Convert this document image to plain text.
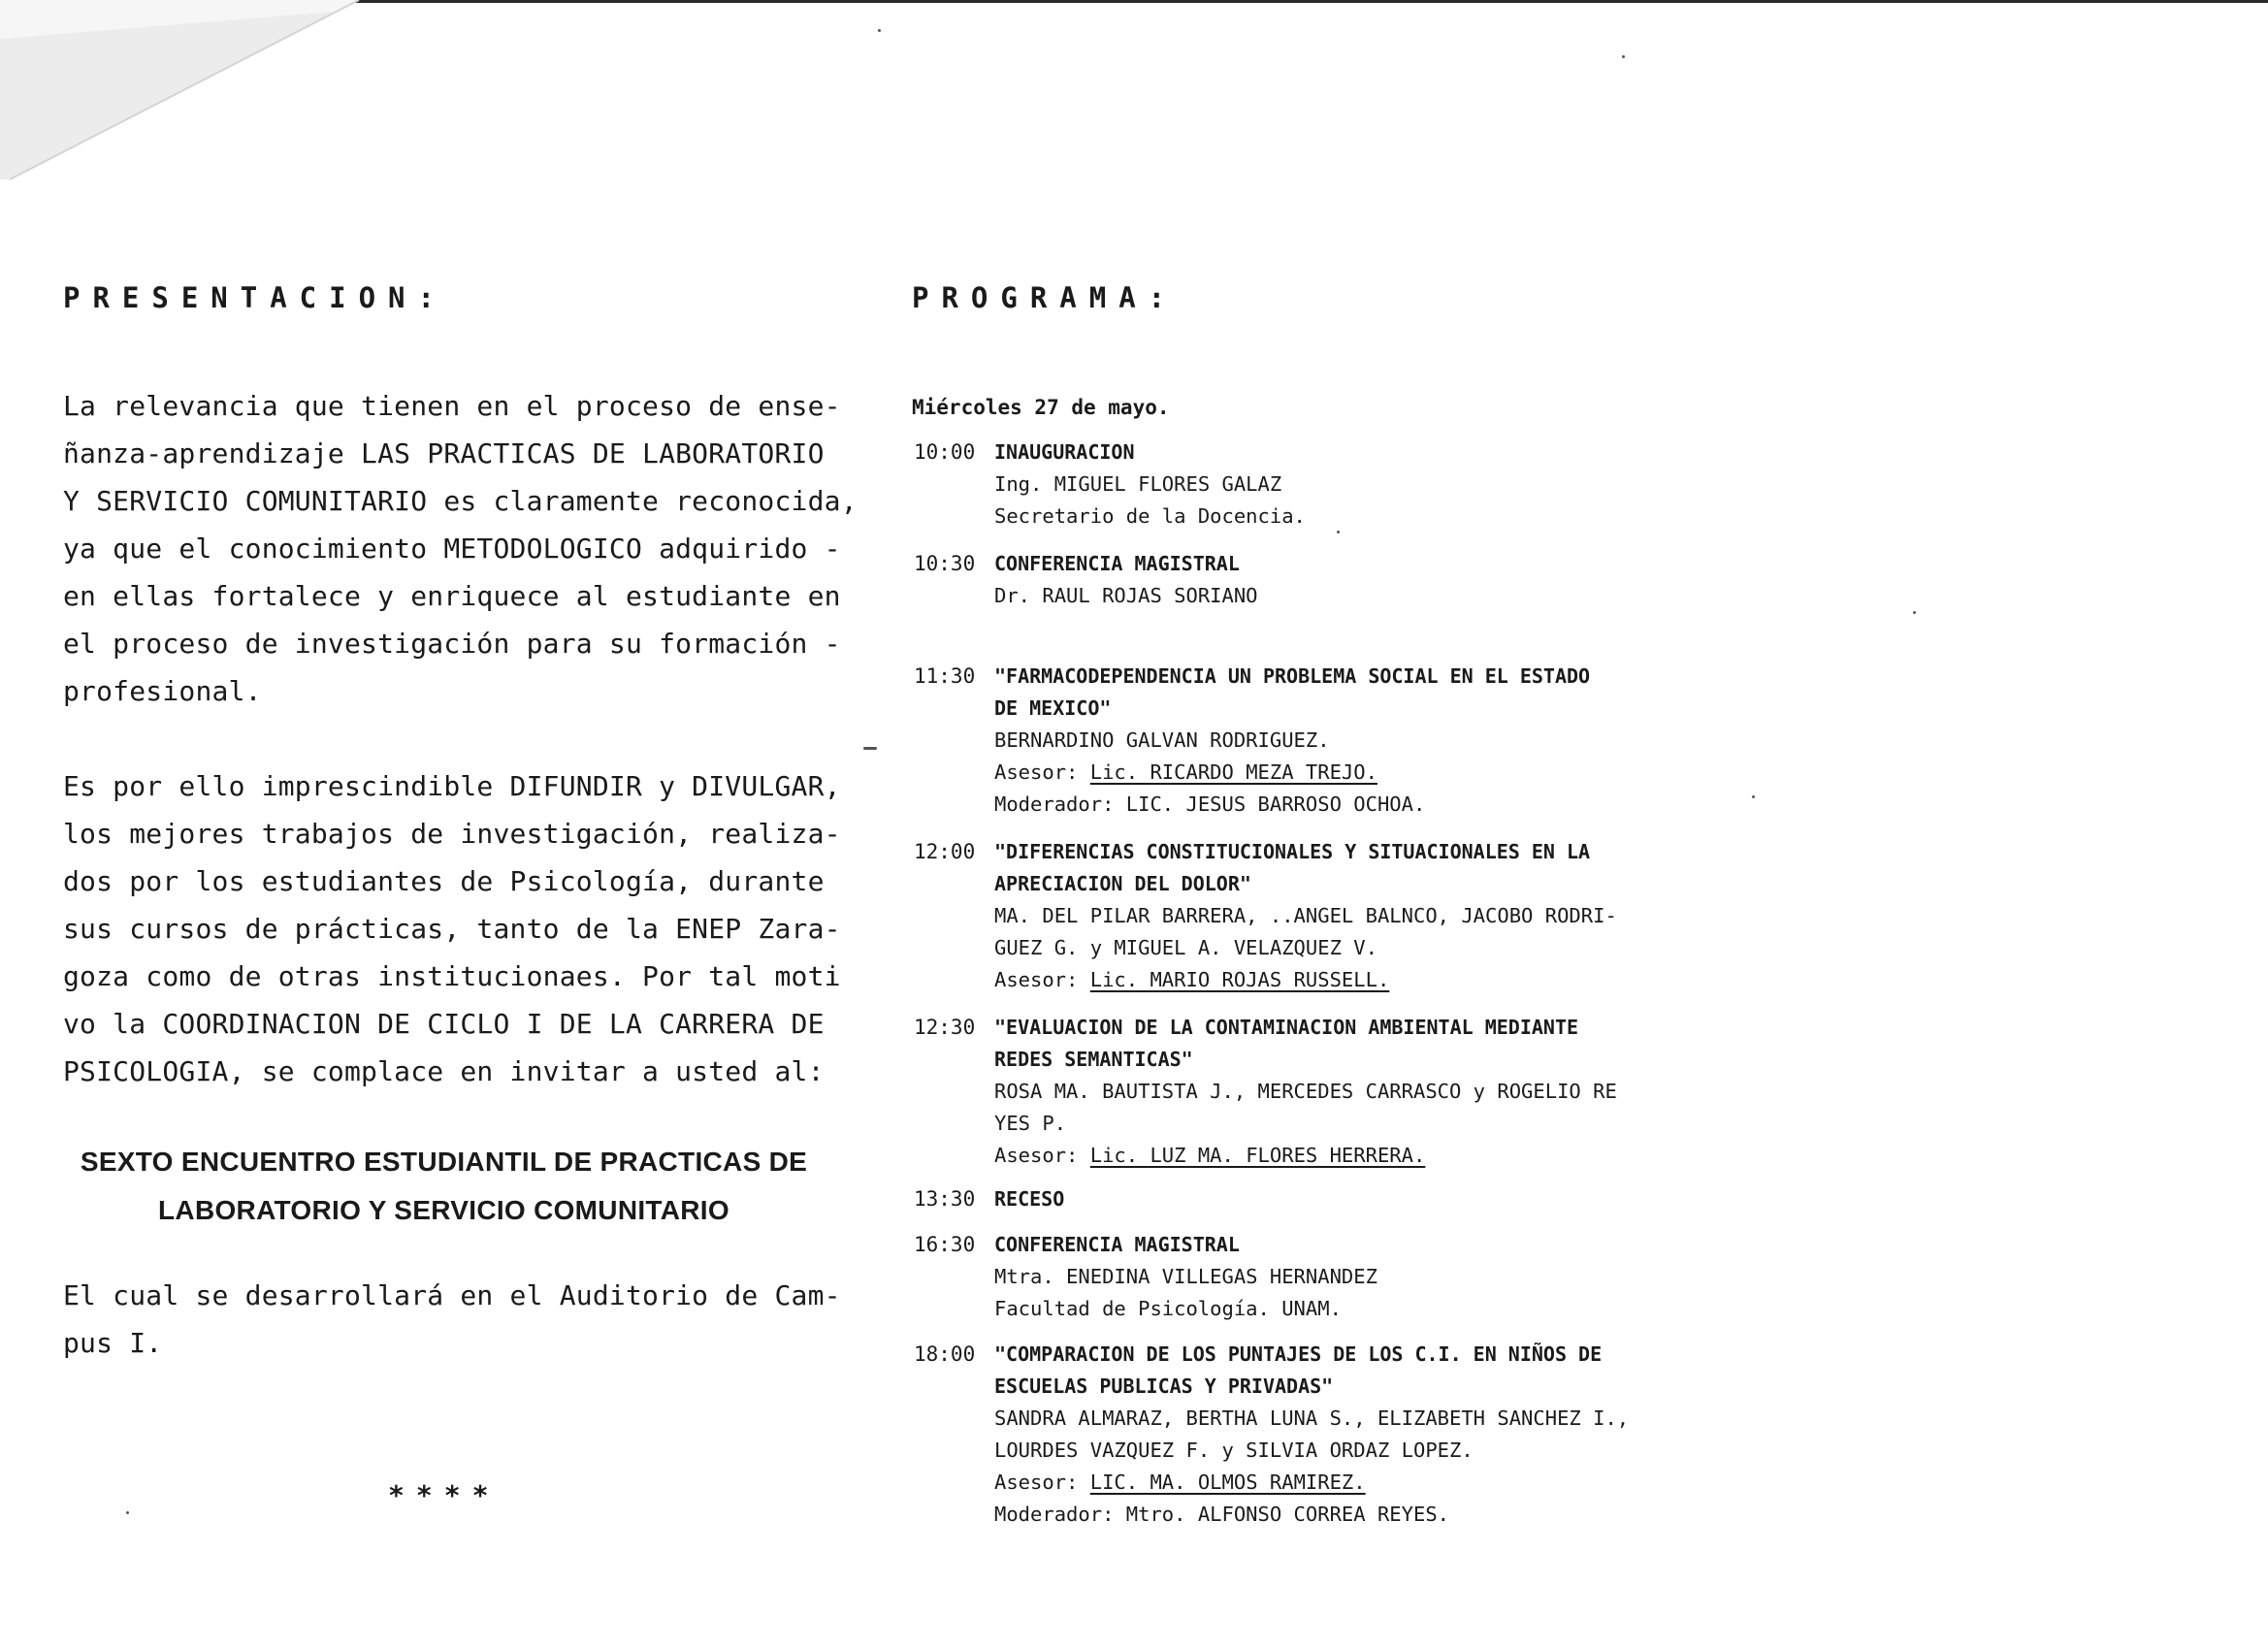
PRESENTACION:

La relevancia que tienen en el proceso de ense-
ñanza-aprendizaje LAS PRACTICAS DE LABORATORIO
Y SERVICIO COMUNITARIO es claramente reconocida,
ya que el conocimiento METODOLOGICO adquirido -
en ellas fortalece y enriquece al estudiante en
el proceso de investigación para su formación -
profesional.

Es por ello imprescindible DIFUNDIR y DIVULGAR,
los mejores trabajos de investigación, realiza-
dos por los estudiantes de Psicología, durante
sus cursos de prácticas, tanto de la ENEP Zara-
goza como de otras institucionaes. Por tal moti
vo la COORDINACION DE CICLO I DE LA CARRERA DE
PSICOLOGIA, se complace en invitar a usted al:

SEXTO ENCUENTRO ESTUDIANTIL DE PRACTICAS DE
LABORATORIO Y SERVICIO COMUNITARIO

El cual se desarrollará en el Auditorio de Cam-
pus I.

****
PROGRAMA:
Miércoles 27 de mayo.
10:00 INAUGURACION
Ing. MIGUEL FLORES GALAZ
Secretario de la Docencia.
10:30 CONFERENCIA MAGISTRAL
Dr. RAUL ROJAS SORIANO
11:30 "FARMACODEPENDENCIA UN PROBLEMA SOCIAL EN EL ESTADO
DE MEXICO"
BERNARDINO GALVAN RODRIGUEZ.
Asesor: Lic. RICARDO MEZA TREJO.
Moderador: LIC. JESUS BARROSO OCHOA.
12:00 "DIFERENCIAS CONSTITUCIONALES Y SITUACIONALES EN LA
APRECIACION DEL DOLOR"
MA. DEL PILAR BARRERA, ..ANGEL BALNCO, JACOBO RODRI-
GUEZ G. y MIGUEL A. VELAZQUEZ V.
Asesor: Lic. MARIO ROJAS RUSSELL.
12:30 "EVALUACION DE LA CONTAMINACION AMBIENTAL MEDIANTE
REDES SEMANTICAS"
ROSA MA. BAUTISTA J., MERCEDES CARRASCO y ROGELIO RE
YES P.
Asesor: Lic. LUZ MA. FLORES HERRERA.
13:30 RECESO
16:30 CONFERENCIA MAGISTRAL
Mtra. ENEDINA VILLEGAS HERNANDEZ
Facultad de Psicología. UNAM.
18:00 "COMPARACION DE LOS PUNTAJES DE LOS C.I. EN NIÑOS DE
ESCUELAS PUBLICAS Y PRIVADAS"
SANDRA ALMARAZ, BERTHA LUNA S., ELIZABETH SANCHEZ I.,
LOURDES VAZQUEZ F. y SILVIA ORDAZ LOPEZ.
Asesor: LIC. MA. OLMOS RAMIREZ.
Moderador: Mtro. ALFONSO CORREA REYES.
